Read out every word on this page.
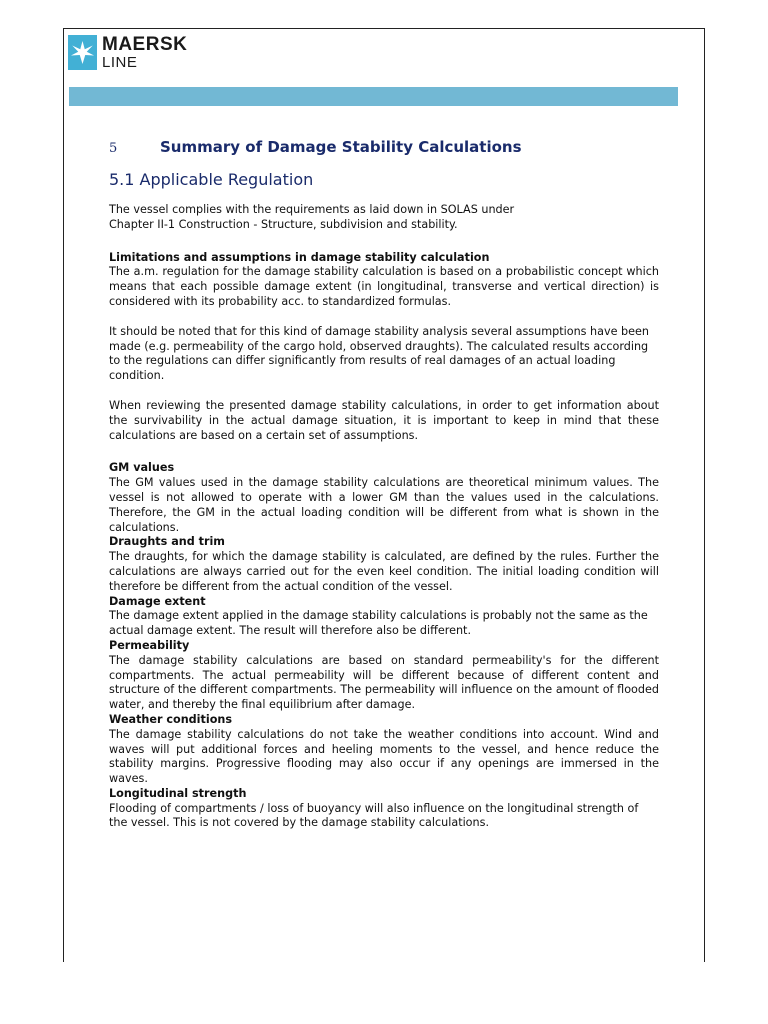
MAERSK
LINE
5	Summary of Damage Stability Calculations
5.1 Applicable Regulation

The vessel complies with the requirements as laid down in SOLAS under

Chapter II-1 Construction - Structure, subdivision and stability.

Limitations and assumptions in damage stability calculation

The a.m. regulation for the damage stability calculation is based on a probabilistic concept which means that each possible damage extent (in longitudinal, transverse and vertical direction) is considered with its probability acc. to standardized formulas.

It should be noted that for this kind of damage stability analysis several assumptions have been made (e.g. permeability of the cargo hold, observed draughts). The calculated results according to the regulations can differ significantly from results of real damages of an actual loading condition.

When reviewing the presented damage stability calculations, in order to get information about the survivability in the actual damage situation, it is important to keep in mind that these calculations are based on a certain set of assumptions.

GM values

The GM values used in the damage stability calculations are theoretical minimum values. The vessel is not allowed to operate with a lower GM than the values used in the calculations. Therefore, the GM in the actual loading condition will be different from what is shown in the calculations.

Draughts and trim

The draughts, for which the damage stability is calculated, are defined by the rules. Further the calculations are always carried out for the even keel condition. The initial loading condition will therefore be different from the actual condition of the vessel.

Damage extent

The damage extent applied in the damage stability calculations is probably not the same as the actual damage extent. The result will therefore also be different.

Permeability

The damage stability calculations are based on standard permeability's for the different compartments. The actual permeability will be different because of different content and structure of the different compartments. The permeability will influence on the amount of flooded water, and thereby the final equilibrium after damage.

Weather conditions

The damage stability calculations do not take the weather conditions into account. Wind and waves will put additional forces and heeling moments to the vessel, and hence reduce the stability margins. Progressive flooding may also occur if any openings are immersed in the waves.

Longitudinal strength

Flooding of compartments / loss of buoyancy will also influence on the longitudinal strength of the vessel. This is not covered by the damage stability calculations.
